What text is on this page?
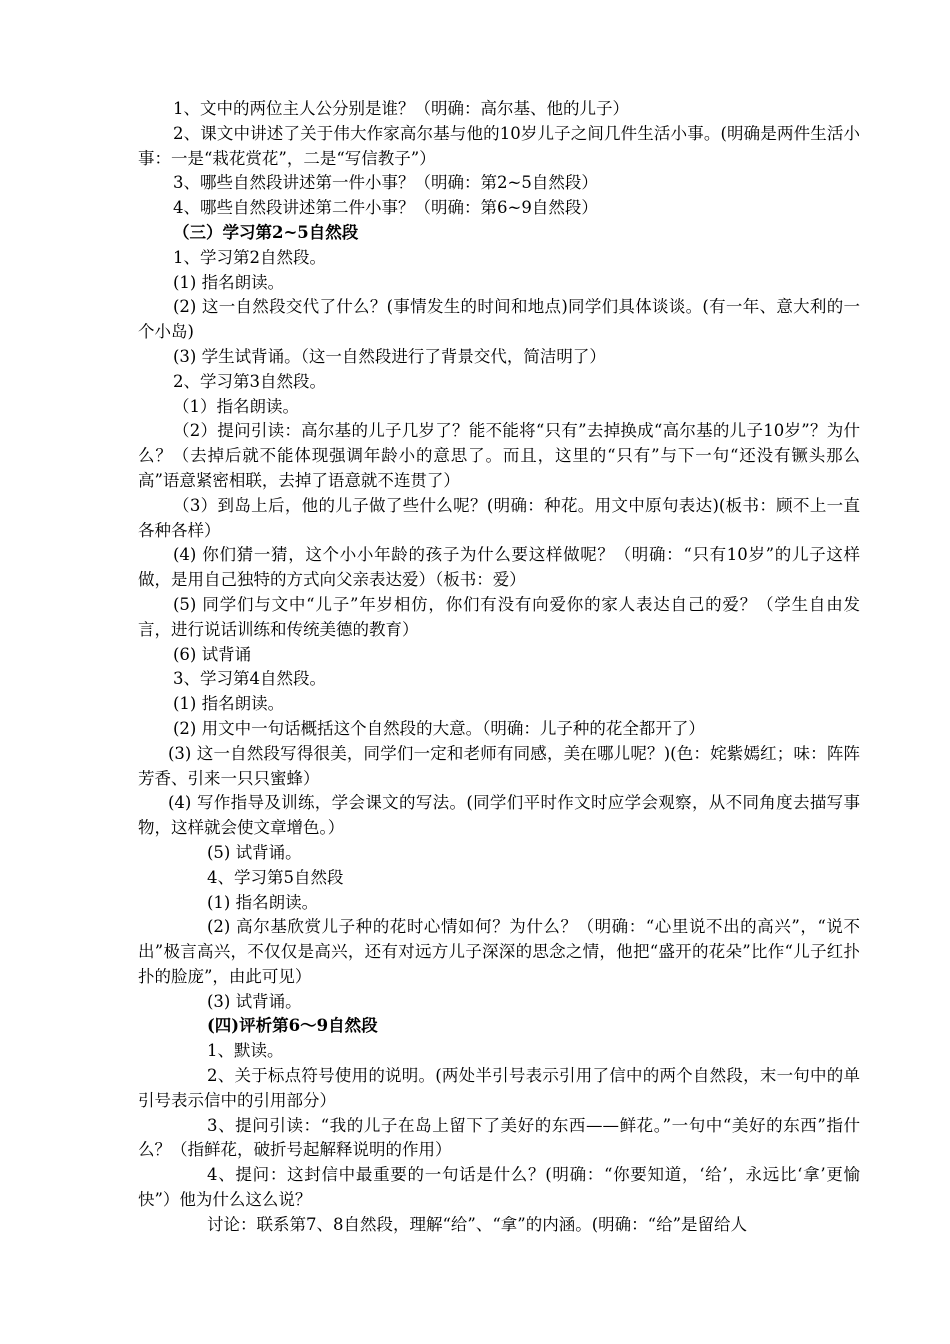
1、文中的两位主人公分别是谁？（明确：高尔基、他的儿子）

2、课文中讲述了关于伟大作家高尔基与他的10岁儿子之间几件生活小事。(明确是两件生活小事：一是“栽花赏花”，二是“写信教子”）

3、哪些自然段讲述第一件小事？（明确：第2~5自然段）

4、哪些自然段讲述第二件小事？（明确：第6~9自然段）

（三）学习第2~5自然段

1、学习第2自然段。

(1) 指名朗读。

(2) 这一自然段交代了什么？(事情发生的时间和地点)同学们具体谈谈。(有一年、意大利的一个小岛)

(3) 学生试背诵。（这一自然段进行了背景交代，简洁明了）

2、学习第3自然段。

（1）指名朗读。

（2）提问引读：高尔基的儿子几岁了？能不能将“只有”去掉换成“高尔基的儿子10岁”？为什么？（去掉后就不能体现强调年龄小的意思了。而且，这里的“只有”与下一句“还没有镢头那么高”语意紧密相联，去掉了语意就不连贯了）

（3）到岛上后，他的儿子做了些什么呢？(明确：种花。用文中原句表达)(板书：顾不上一直各种各样）

(4) 你们猜一猜，这个小小年龄的孩子为什么要这样做呢？（明确：“只有10岁”的儿子这样做，是用自己独特的方式向父亲表达爱）（板书：爱）

(5) 同学们与文中“儿子”年岁相仿，你们有没有向爱你的家人表达自己的爱？（学生自由发言，进行说话训练和传统美德的教育）

(6) 试背诵

3、学习第4自然段。

(1) 指名朗读。

(2) 用文中一句话概括这个自然段的大意。（明确：儿子种的花全都开了）

(3) 这一自然段写得很美，同学们一定和老师有同感，美在哪儿呢？)(色：姹紫嫣红；味：阵阵芳香、引来一只只蜜蜂）

(4) 写作指导及训练，学会课文的写法。(同学们平时作文时应学会观察，从不同角度去描写事物，这样就会使文章增色。）

(5) 试背诵。

4、学习第5自然段

(1) 指名朗读。

(2) 高尔基欣赏儿子种的花时心情如何？为什么？（明确：“心里说不出的高兴”，“说不出”极言高兴，不仅仅是高兴，还有对远方儿子深深的思念之情，他把“盛开的花朵”比作“儿子红扑扑的脸庞”，由此可见）

(3) 试背诵。

(四)评析第6～9自然段

1、默读。

2、关于标点符号使用的说明。(两处半引号表示引用了信中的两个自然段，末一句中的单引号表示信中的引用部分）

3、提问引读：“我的儿子在岛上留下了美好的东西——鲜花。”一句中“美好的东西”指什么？（指鲜花，破折号起解释说明的作用）

4、提问：这封信中最重要的一句话是什么？(明确：“你要知道，‘给’，永远比‘拿’更愉快”）他为什么这么说？

讨论：联系第7、8自然段，理解“给”、“拿”的内涵。(明确：“给”是留给人
